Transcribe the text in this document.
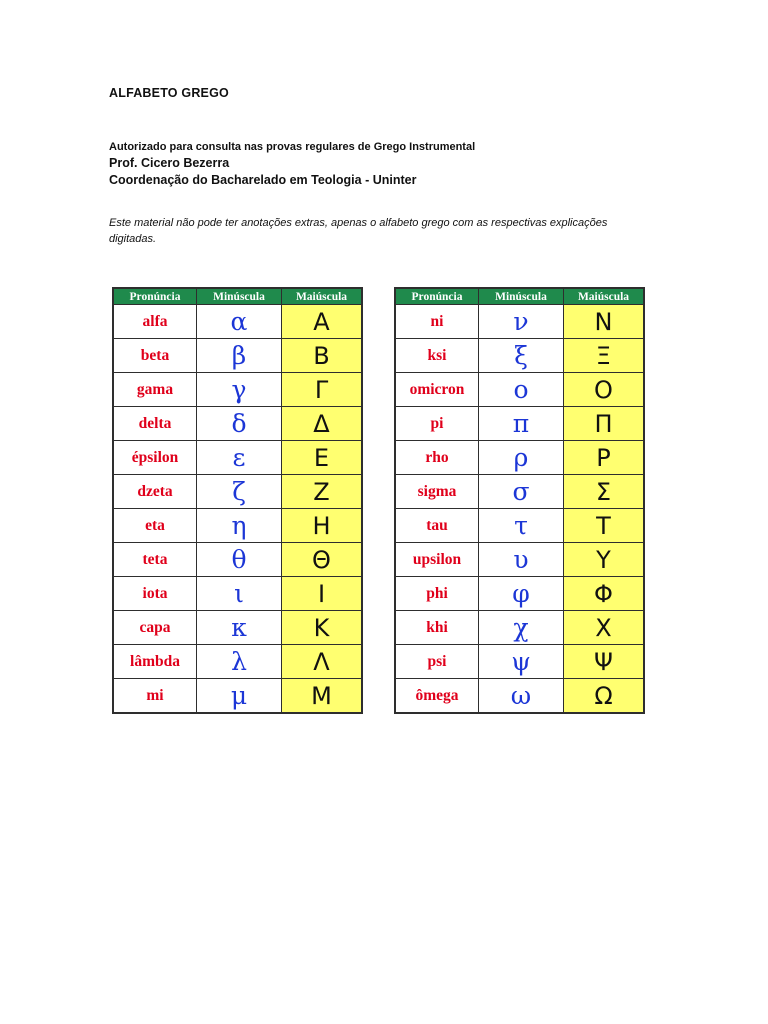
ALFABETO GREGO
Autorizado para consulta nas provas regulares de Grego Instrumental
Prof. Cicero Bezerra
Coordenação do Bacharelado em Teologia - Uninter
Este material não pode ter anotações extras, apenas o alfabeto grego com as respectivas explicações digitadas.
Pronúncia	Minúscula	Maiúscula
alfa	α	Α
beta	β	Β
gama	γ	Γ
delta	δ	Δ
épsilon	ε	Ε
dzeta	ζ	Ζ
eta	η	Η
teta	θ	Θ
iota	ι	Ι
capa	κ	Κ
lâmbda	λ	Λ
mi	μ	Μ
Pronúncia	Minúscula	Maiúscula
ni	ν	Ν
ksi	ξ	Ξ
omicron	ο	Ο
pi	π	Π
rho	ρ	Ρ
sigma	σ	Σ
tau	τ	Τ
upsilon	υ	Υ
phi	φ	Φ
khi	χ	Χ
psi	ψ	Ψ
ômega	ω	Ω
